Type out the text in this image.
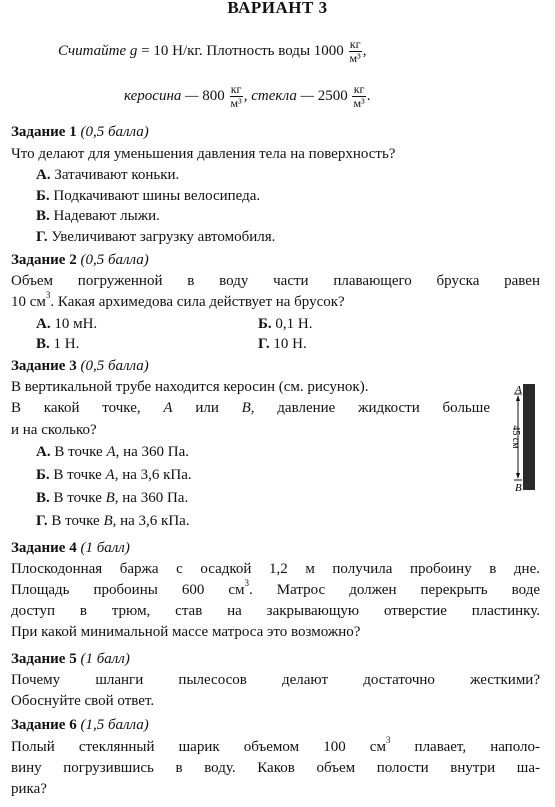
ВАРИАНТ 3
Считайте g = 10 Н/кг. Плотность воды $1000 \frac{кг}{\text{м³}}$ ,
керосина — $800 \frac{кг}{\text{м³}}$ , стекла — $2500 \frac{кг}{\text{м³}}$ .
Задание 1 (0,5 балла)
Что делают для уменьшения давления тела на поверхность?
А. Затачивают коньки.
Б. Подкачивают шины велосипеда.
В. Надевают лыжи.
Г. Увеличивают загрузку автомобиля.
Задание 2 (0,5 балла)
Объем погруженной в воду части плавающего бруска равен
10 $см^3$. Какая архимедова сила действует на брусок?
А. 10 мН.	Б. 0,1 Н.
В. 1 Н.	Г. 10 Н.
Задание 3 (0,5 балла)
В вертикальной трубе находится керосин (см. рисунок).
В какой точке, A или B, давление жидкости больше
и на сколько?
А. В точке A, на 360 Па.
Б. В точке A, на 3,6 кПа.
В. В точке B, на 360 Па.
Г. В точке B, на 3,6 кПа.
A
B
45 см
Задание 4 (1 балл)
Плоскодонная баржа с осадкой 1,2 м получила пробоину в дне.
Площадь пробоины 600 $см^3$. Матрос должен перекрыть воде
доступ в трюм, став на закрывающую отверстие пластинку.
При какой минимальной массе матроса это возможно?
Задание 5 (1 балл)
Почему шланги пылесосов делают достаточно жесткими?
Обоснуйте свой ответ.
Задание 6 (1,5 балла)
Полый стеклянный шарик объемом 100 $см^3$ плавает, наполо-
вину погрузившись в воду. Каков объем полости внутри ша-
рика?
